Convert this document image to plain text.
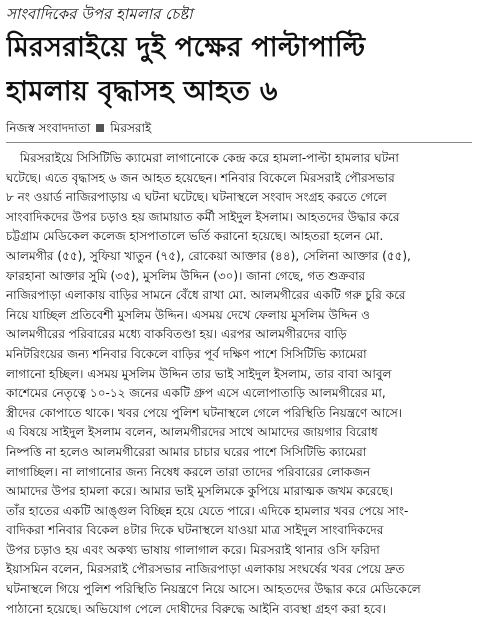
সাংবাদিকের উপর হামলার চেষ্টা
মিরসরাইয়ে দুই পক্ষের পাল্টাপাল্টি
হামলায় বৃদ্ধাসহ আহত ৬
নিজস্ব সংবাদদাতা মিরসরাই
মিরসরাইয়ে সিসিটিভি ক্যামেরা লাগানোকে কেন্দ্র করে হামলা-পাল্টা হামলার ঘটনা
ঘটেছে। এতে বৃদ্ধাসহ ৬ জন আহত হয়েছেন। শনিবার বিকেলে মিরসরাই পৌরসভার
৮ নং ওয়ার্ড নাজিরপাড়ায় এ ঘটনা ঘটেছে। ঘটনাস্থলে সংবাদ সংগ্রহ করতে গেলে
সাংবাদিকদের উপর চড়াও হয় জামায়াত কর্মী সাইদুল ইসলাম। আহতদের উদ্ধার করে
চট্টগ্রাম মেডিকেল কলেজ হাসপাতালে ভর্তি করানো হয়েছে। আহতরা হলেন মো.
আলমগীর (৫৫), সুফিয়া খাতুন (৭৫), রোকেয়া আক্তার (৪৪), সেলিনা আক্তার (৫৫),
ফারহানা আক্তার সুমি (৩৫), মুসলিম উদ্দিন (৩০)। জানা গেছে, গত শুক্রবার
নাজিরপাড়া এলাকায় বাড়ির সামনে বেঁধে রাখা মো. আলমগীরের একটি গরু চুরি করে
নিয়ে যাচ্ছিল প্রতিবেশী মুসলিম উদ্দিন। এসময় দেখে ফেলায় মুসলিম উদ্দিন ও
আলমগীরের পরিবারের মধ্যে বাকবিতণ্ডা হয়। এরপর আলমগীরদের বাড়ি
মনিটরিংয়ের জন্য শনিবার বিকেলে বাড়ির পূর্ব দক্ষিণ পাশে সিসিটিভি ক্যামেরা
লাগানো হচ্ছিল। এসময় মুসলিম উদ্দিন তার ভাই সাইদুল ইসলাম, তার বাবা আবুল
কাশেমের নেতৃত্বে ১০-১২ জনের একটি গ্রুপ এসে এলোপাতাড়ি আলমগীরের মা,
স্ত্রীদের কোপাতে থাকে। খবর পেয়ে পুলিশ ঘটনাস্থলে গেলে পরিস্থিতি নিয়ন্ত্রণে আসে।
এ বিষয়ে সাইদুল ইসলাম বলেন, আলমগীরদের সাথে আমাদের জায়গার বিরোধ
নিষ্পত্তি না হলেও আলমগীরেরা আমার চাচার ঘরের পাশে সিসিটিভি ক্যামেরা
লাগাচ্ছিল। না লাগানোর জন্য নিষেধ করলে তারা তাদের পরিবারের লোকজন
আমাদের উপর হামলা করে। আমার ভাই মুসলিমকে কুপিয়ে মারাত্মক জখম করেছে।
তাঁর হাতের একটি আঙ্গুল বিচ্ছিন্ন হয়ে যেতে পারে। এদিকে হামলার খবর পেয়ে সাং-
বাদিকরা শনিবার বিকেল ৪টার দিকে ঘটনাস্থলে যাওয়া মাত্র সাইদুল সাংবাদিকদের
উপর চড়াও হয় এবং অকথ্য ভাষায় গালাগাল করে। মিরসরাই থানার ওসি ফরিদা
ইয়াসমিন বলেন, মিরসরাই পৌরসভার নাজিরপাড়া এলাকায় সংঘর্ষের খবর পেয়ে দ্রুত
ঘটনাস্থলে গিয়ে পুলিশ পরিস্থিতি নিয়ন্ত্রণে নিয়ে আসে। আহতদের উদ্ধার করে মেডিকেলে
পাঠানো হয়েছে। অভিযোগ পেলে দোষীদের বিরুদ্ধে আইনি ব্যবস্থা গ্রহণ করা হবে।
